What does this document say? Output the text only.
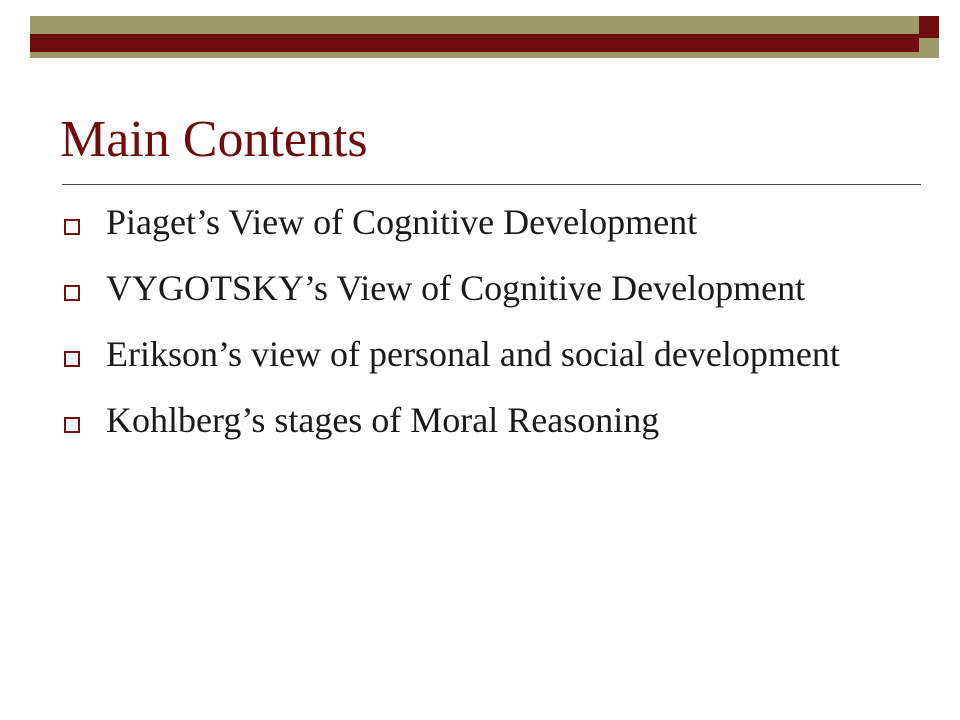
Main Contents
Piaget’s View of Cognitive Development
VYGOTSKY’s View of Cognitive Development
Erikson’s view of personal and social development
Kohlberg’s stages of Moral Reasoning
